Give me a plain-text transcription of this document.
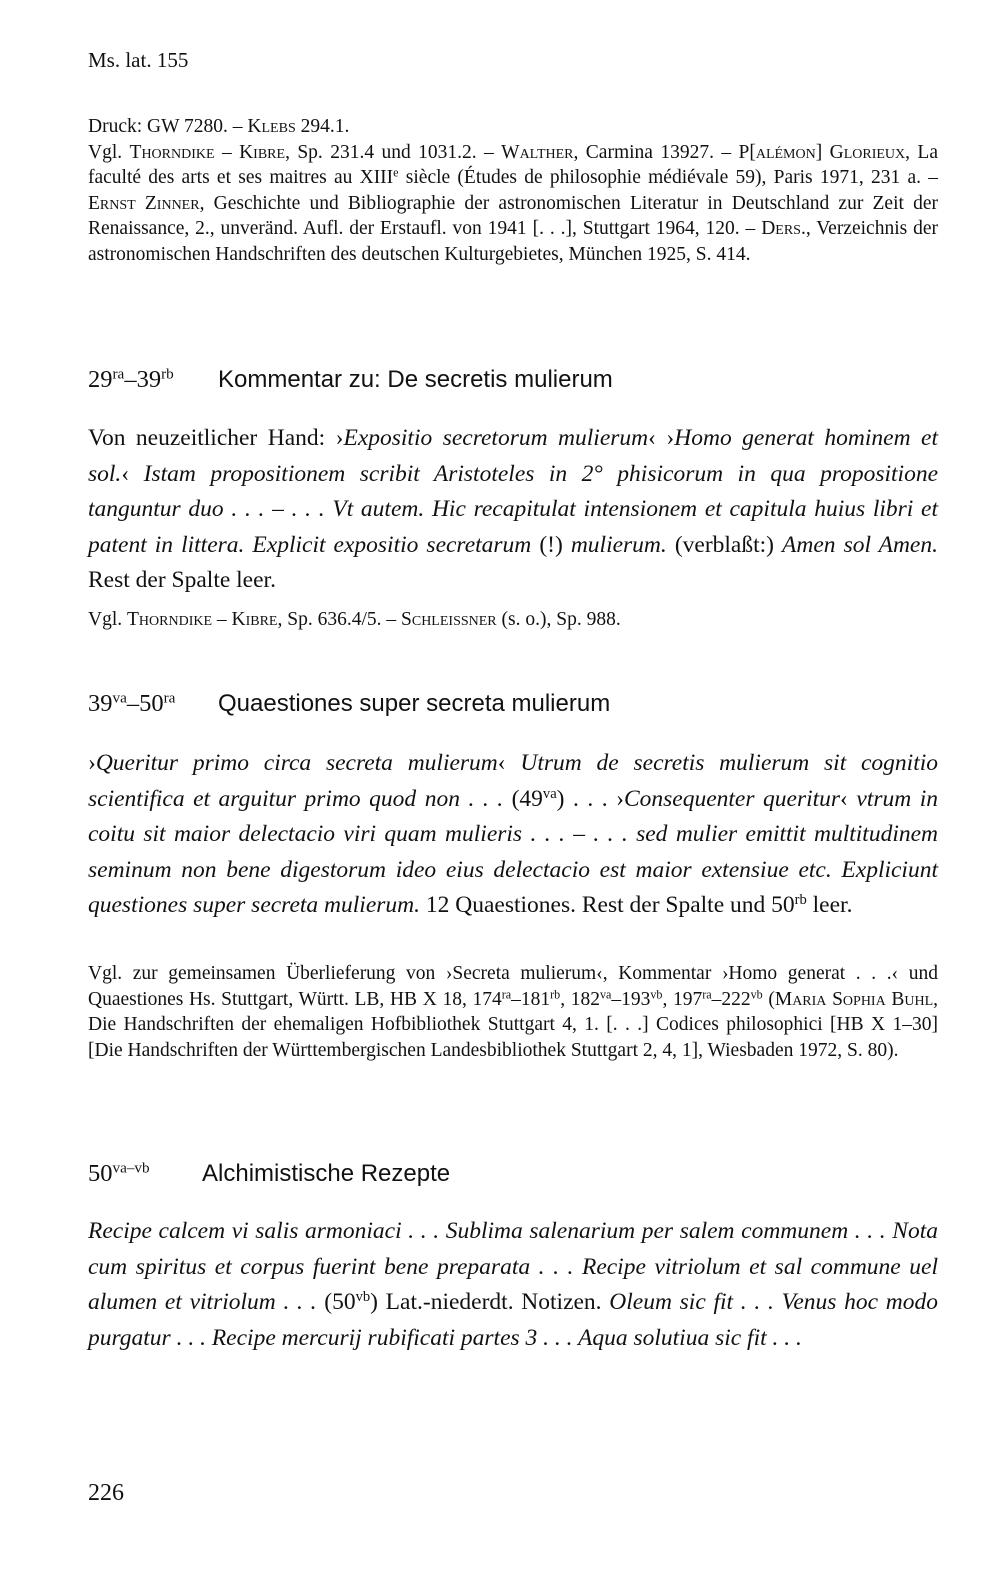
Ms. lat. 155
Druck: GW 7280. – Klebs 294.1.
Vgl. Thorndike – Kibre, Sp. 231.4 und 1031.2. – Walther, Carmina 13927. – P[alémon] Glorieux, La faculté des arts et ses maitres au XIIIe siècle (Études de philosophie médiévale 59), Paris 1971, 231 a. – Ernst Zinner, Geschichte und Bibliographie der astronomischen Literatur in Deutschland zur Zeit der Renaissance, 2., unveränd. Aufl. der Erstaufl. von 1941 [. . .], Stuttgart 1964, 120. – Ders., Verzeichnis der astronomischen Handschriften des deutschen Kulturgebietes, München 1925, S. 414.
$29^{ra}-39^{rb}$	Kommentar zu: De secretis mulierum
Von neuzeitlicher Hand: ›Expositio secretorum mulierum‹ ›Homo generat hominem et sol.‹ Istam propositionem scribit Aristoteles in 2° phisicorum in qua propositione tanguntur duo . . . – . . . Vt autem. Hic recapitulat intensionem et capitula huius libri et patent in littera. Explicit expositio secretarum (!) mulierum. (verblaßt:) Amen sol Amen. Rest der Spalte leer.
Vgl. Thorndike – Kibre, Sp. 636.4/5. – Schleissner (s. o.), Sp. 988.
$39^{va}-50^{ra}$	Quaestiones super secreta mulierum
›Queritur primo circa secreta mulierum‹ Utrum de secretis mulierum sit cognitio scientifica et arguitur primo quod non . . . $(49^{va})$ . . . ›Consequenter queritur‹ vtrum in coitu sit maior delectacio viri quam mulieris . . . – . . . sed mulier emittit multitudinem seminum non bene digestorum ideo eius delectacio est maior extensiue etc. Expliciunt questiones super secreta mulierum. 12 Quaestiones. Rest der Spalte und $50^{rb}$ leer.
Vgl. zur gemeinsamen Überlieferung von ›Secreta mulierum‹, Kommentar ›Homo generat . . .‹ und Quaestiones Hs. Stuttgart, Württ. LB, HB X 18, $174^{ra}-181^{rb}$, $182^{va}-193^{vb}$, $197^{ra}-222^{vb}$ (Maria Sophia Buhl, Die Handschriften der ehemaligen Hofbibliothek Stuttgart 4, 1. [. . .] Codices philosophici [HB X 1–30] [Die Handschriften der Württembergischen Landesbibliothek Stuttgart 2, 4, 1], Wiesbaden 1972, S. 80).
$50^{va-vb}$	Alchimistische Rezepte
Recipe calcem vi salis armoniaci . . . Sublima salenarium per salem communem . . . Nota cum spiritus et corpus fuerint bene preparata . . . Recipe vitriolum et sal commune uel alumen et vitriolum . . . $(50^{vb})$ Lat.-niederdt. Notizen. Oleum sic fit . . . Venus hoc modo purgatur . . . Recipe mercurij rubificati partes 3 . . . Aqua solutiua sic fit . . .
226
